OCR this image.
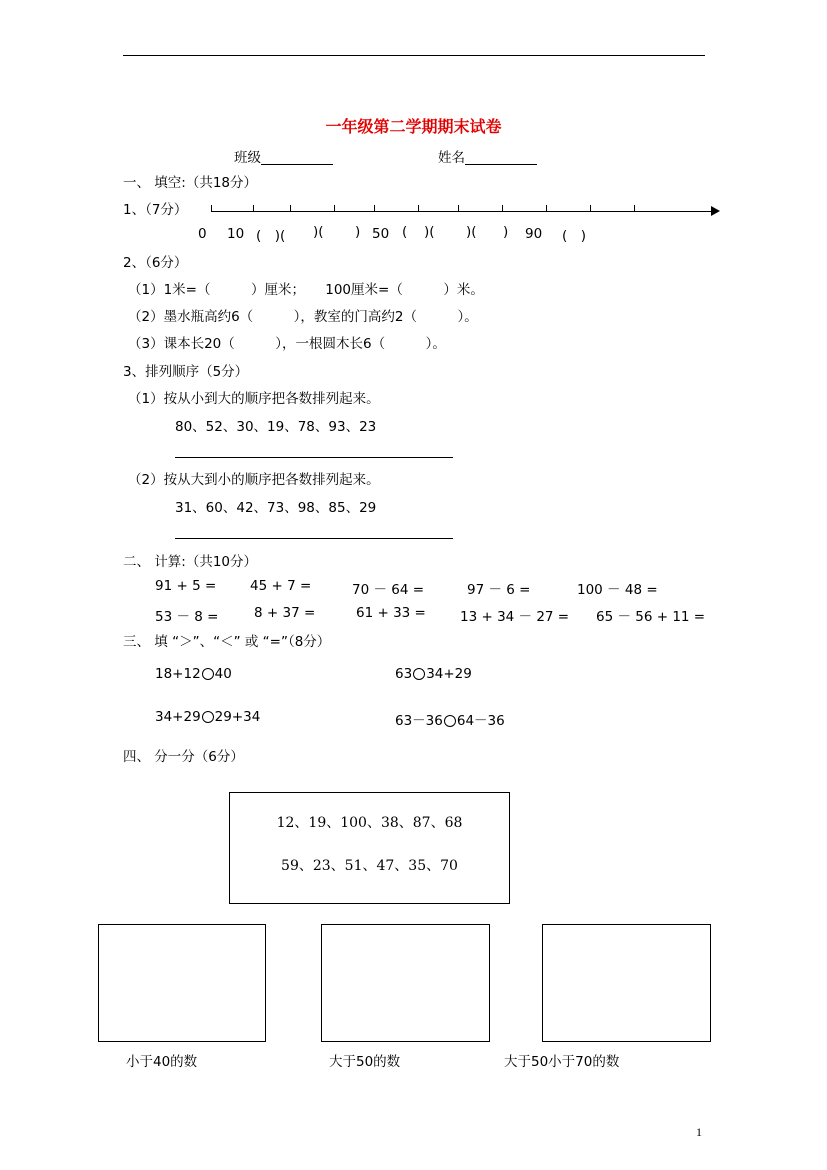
一年级第二学期期末试卷
班级	姓名
一、 填空:（共18分）
1、（7分）
0 10 (　)( )( ) 50 ( )( )( ) 90 (　)
2、（6分）
（1）1米=（　　　）厘米；　　100厘米=（　　　）米。
（2）墨水瓶高约6（　　　），教室的门高约2（　　　）。
（3）课本长20（　　　），一根圆木长6（　　　）。
3、排列顺序（5分）
（1）按从小到大的顺序把各数排列起来。
80、52、30、19、78、93、23
（2）按从大到小的顺序把各数排列起来。
31、60、42、73、98、85、29
二、 计算:（共10分）
91 + 5 = 45 + 7 =	70 － 64 =	97 － 6 =	100 － 48 =
53 － 8 =	8 + 37 =	61 + 33 =	13 + 34 － 27 = 65 － 56 + 11 =
三、 填 “＞”、“＜” 或 “=”（8分）
18+12 40	63 34+29
34+29 29+34	63－36 64－36
四、 分一分（6分）
12、19、100、38、87、68
59、23、51、47、35、70
小于40的数	大于50的数	大于50小于70的数
1
